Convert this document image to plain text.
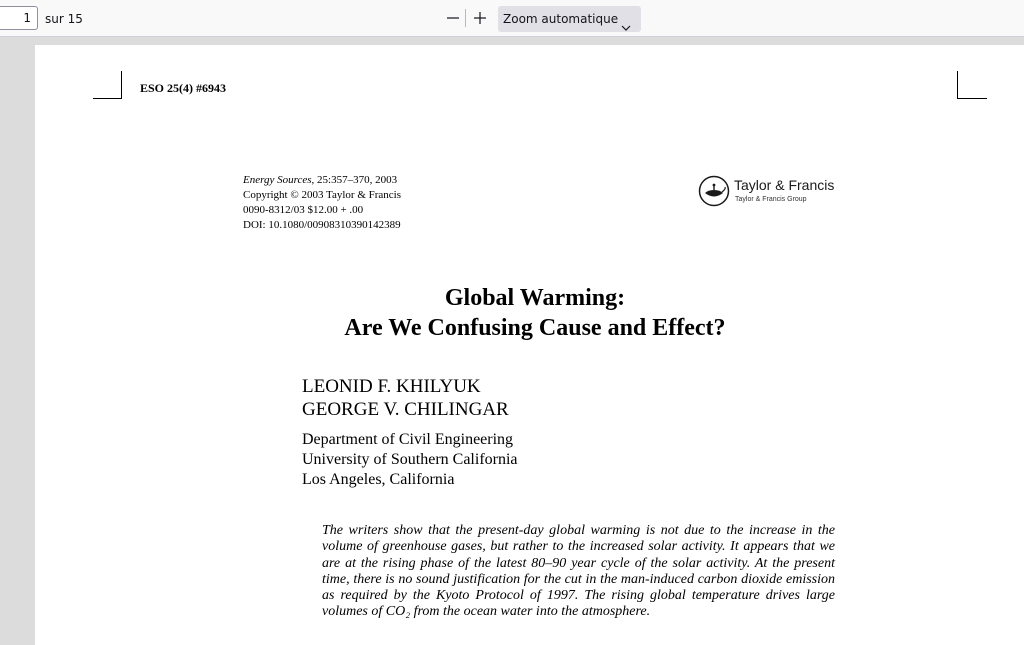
1	sur 15	Zoom automatique
ESO 25(4) #6943
Energy Sources, 25:357–370, 2003
Copyright © 2003 Taylor & Francis
0090-8312/03 $12.00 + .00
DOI: 10.1080/00908310390142389
Taylor & Francis
Taylor & Francis Group
Global Warming:
Are We Confusing Cause and Effect?
LEONID F. KHILYUK
GEORGE V. CHILINGAR
Department of Civil Engineering
University of Southern California
Los Angeles, California
The writers show that the present-day global warming is not due to the increase in the volume of greenhouse gases, but rather to the increased solar activity. It appears that we are at the rising phase of the latest 80–90 year cycle of the solar activity. At the present time, there is no sound justification for the cut in the man-induced carbon dioxide emission as required by the Kyoto Protocol of 1997. The rising global temperature drives large volumes of CO₂ from the ocean water into the atmosphere.
